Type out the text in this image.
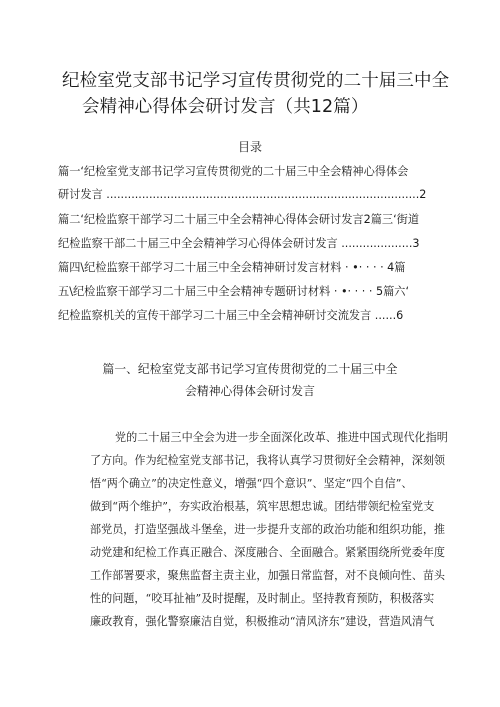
纪检室党支部书记学习宣传贯彻党的二十届三中全
会精神心得体会研讨发言（共12篇）
目录
篇一‘纪检室党支部书记学习宣传贯彻党的二十届三中全会精神心得体会
研讨发言 ........................................................................................2
篇二‘纪检监察干部学习二十届三中全会精神心得体会研讨发言2篇三‘街道
纪检监察干部二十届三中全会精神学习心得体会研讨发言 ....................3
篇四\纪检监察干部学习二十届三中全会精神研讨发言材料 · •· · · · 4篇
五\纪检监察干部学习二十届三中全会精神专题研讨材料 · •· · · · 5篇六‘
纪检监察机关的宣传干部学习二十届三中全会精神研讨交流发言 ......6
篇一、纪检室党支部书记学习宣传贯彻党的二十届三中全
会精神心得体会研讨发言
党的二十届三中全会为进一步全面深化改革、推进中国式现代化指明
了方向。作为纪检室党支部书记，我将认真学习贯彻好全会精神，深刻领
悟“两个确立”的决定性意义，增强“四个意识”、坚定“四个自信”、
做到“两个维护”，夯实政治根基，筑牢思想忠诚。团结带领纪检室党支
部党员，打造坚强战斗堡垒，进一步提升支部的政治功能和组织功能，推
动党建和纪检工作真正融合、深度融合、全面融合。紧紧围绕所党委年度
工作部署要求，聚焦监督主责主业，加强日常监督，对不良倾向性、苗头
性的问题，“咬耳扯袖”及时提醒，及时制止。坚持教育预防，积极落实
廉政教育，强化警察廉洁自觉，积极推动“清风济东”建设，营造风清气
